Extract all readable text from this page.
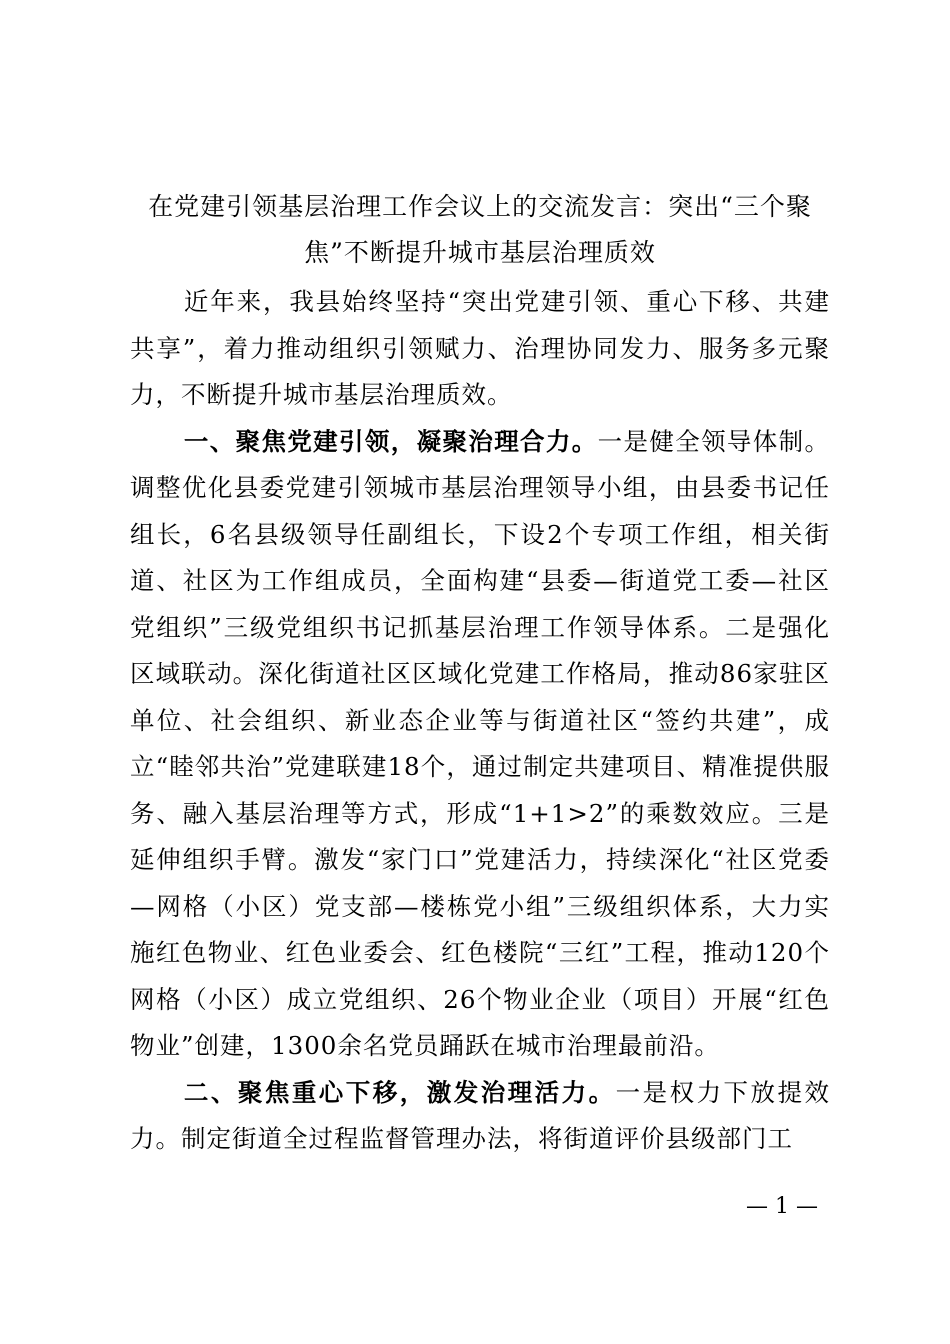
在党建引领基层治理工作会议上的交流发言：突出“三个聚
焦”不断提升城市基层治理质效

近年来，我县始终坚持“突出党建引领、重心下移、共建共享”，着力推动组织引领赋力、治理协同发力、服务多元聚力，不断提升城市基层治理质效。

一、聚焦党建引领，凝聚治理合力。一是健全领导体制。调整优化县委党建引领城市基层治理领导小组，由县委书记任组长，6名县级领导任副组长，下设2个专项工作组，相关街道、社区为工作组成员，全面构建“县委—街道党工委—社区党组织”三级党组织书记抓基层治理工作领导体系。二是强化区域联动。深化街道社区区域化党建工作格局，推动86家驻区单位、社会组织、新业态企业等与街道社区“签约共建”，成立“睦邻共治”党建联建18个，通过制定共建项目、精准提供服务、融入基层治理等方式，形成“1+1>2”的乘数效应。三是延伸组织手臂。激发“家门口”党建活力，持续深化“社区党委—网格（小区）党支部—楼栋党小组”三级组织体系，大力实施红色物业、红色业委会、红色楼院“三红”工程，推动120个网格（小区）成立党组织、26个物业企业（项目）开展“红色物业”创建，1300余名党员踊跃在城市治理最前沿。

二、聚焦重心下移，激发治理活力。一是权力下放提效力。制定街道全过程监督管理办法，将街道评价县级部门工

— 1 —
